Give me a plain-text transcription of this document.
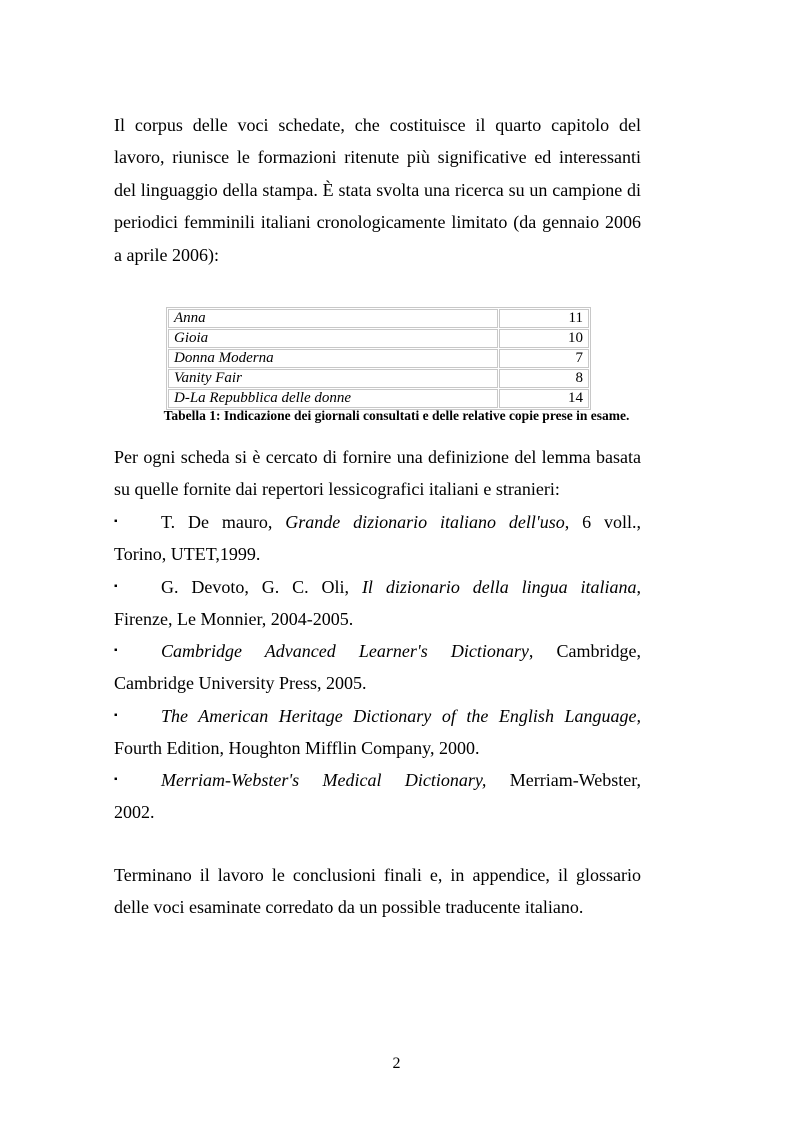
Il corpus delle voci schedate, che costituisce il quarto capitolo del lavoro, riunisce le formazioni ritenute più significative ed interessanti del linguaggio della stampa. È stata svolta una ricerca su un campione di periodici femminili italiani cronologicamente limitato (da gennaio 2006 a aprile 2006):

Anna	11
Gioia	10
Donna Moderna	7
Vanity Fair	8
D-La Repubblica delle donne	14

Tabella 1: Indicazione dei giornali consultati e delle relative copie prese in esame.

Per ogni scheda si è cercato di fornire una definizione del lemma basata su quelle fornite dai repertori lessicografici italiani e stranieri:

▪	T. De mauro, Grande dizionario italiano dell'uso, 6 voll.,
Torino, UTET,1999.
▪	G. Devoto, G. C. Oli, Il dizionario della lingua italiana,
Firenze, Le Monnier, 2004-2005.
▪	Cambridge Advanced Learner's Dictionary, Cambridge,
Cambridge University Press, 2005.
▪	The American Heritage Dictionary of the English Language,
Fourth Edition, Houghton Mifflin Company, 2000.
▪	Merriam-Webster's Medical Dictionary, Merriam-Webster,
2002.

Terminano il lavoro le conclusioni finali e, in appendice, il glossario delle voci esaminate corredato da un possible traducente italiano.

2
